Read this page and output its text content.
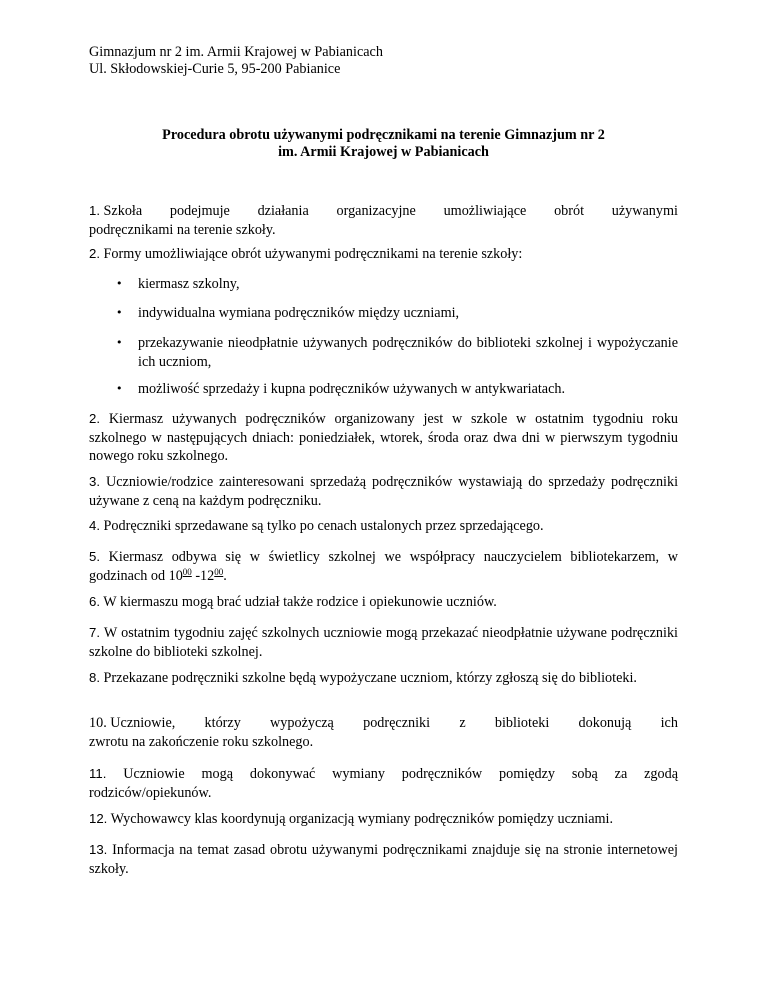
Gimnazjum nr 2 im. Armii Krajowej w Pabianicach
Ul. Skłodowskiej-Curie 5, 95-200 Pabianice
Procedura obrotu używanymi podręcznikami na terenie Gimnazjum nr 2
im. Armii Krajowej w Pabianicach
1. Szkoła podejmuje działania organizacyjne umożliwiające obrót używanymi
podręcznikami na terenie szkoły.
2. Formy umożliwiające obrót używanymi podręcznikami na terenie szkoły:
•	kiermasz szkolny,
•	indywidualna wymiana podręczników między uczniami,
•	przekazywanie nieodpłatnie używanych podręczników do biblioteki szkolnej i wypożyczanie ich uczniom,
•	możliwość sprzedaży i kupna podręczników używanych w antykwariatach.
2. Kiermasz używanych podręczników organizowany jest w szkole w ostatnim tygodniu roku szkolnego w następujących dniach: poniedziałek, wtorek, środa oraz dwa dni w pierwszym tygodniu nowego roku szkolnego.
3. Uczniowie/rodzice zainteresowani sprzedażą podręczników wystawiają do sprzedaży podręczniki używane z ceną na każdym podręczniku.
4. Podręczniki sprzedawane są tylko po cenach ustalonych przez sprzedającego.
5. Kiermasz odbywa się w świetlicy szkolnej we współpracy nauczycielem bibliotekarzem, w godzinach od $10^{00}$ $-12^{00}$.
6. W kiermaszu mogą brać udział także rodzice i opiekunowie uczniów.
7. W ostatnim tygodniu zajęć szkolnych uczniowie mogą przekazać nieodpłatnie używane podręczniki szkolne do biblioteki szkolnej.
8. Przekazane podręczniki szkolne będą wypożyczane uczniom, którzy zgłoszą się do biblioteki.
10. Uczniowie, którzy wypożyczą podręczniki z biblioteki dokonują ich
zwrotu na zakończenie roku szkolnego.
11. Uczniowie mogą dokonywać wymiany podręczników pomiędzy sobą za zgodą rodziców/opiekunów.
12. Wychowawcy klas koordynują organizacją wymiany podręczników pomiędzy uczniami.
13. Informacja na temat zasad obrotu używanymi podręcznikami znajduje się na stronie internetowej szkoły.
